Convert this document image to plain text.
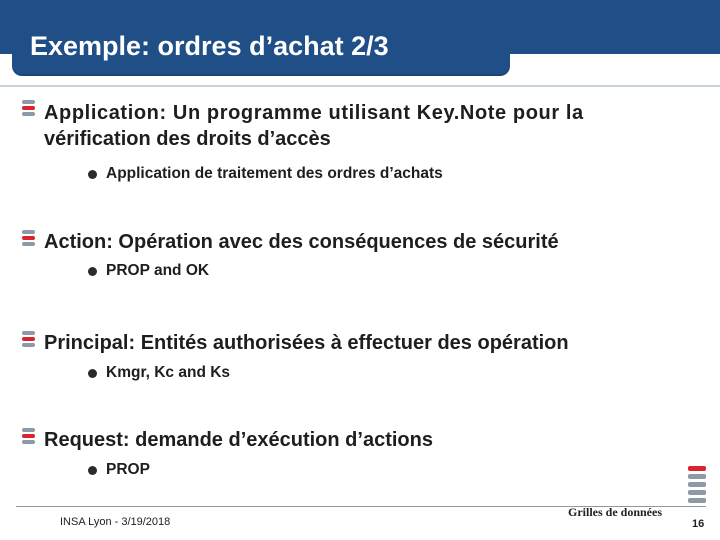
Exemple: ordres d’achat 2/3
Application: Un programme utilisant Key.Note pour la
vérification des droits d’accès
Application de traitement des ordres d’achats
Action: Opération avec des conséquences de sécurité
PROP and OK
Principal: Entités authorisées à effectuer des opération
Kmgr, Kc and Ks
Request: demande d’exécution d’actions
PROP
INSA Lyon - 3/19/2018
Grilles de données
16
